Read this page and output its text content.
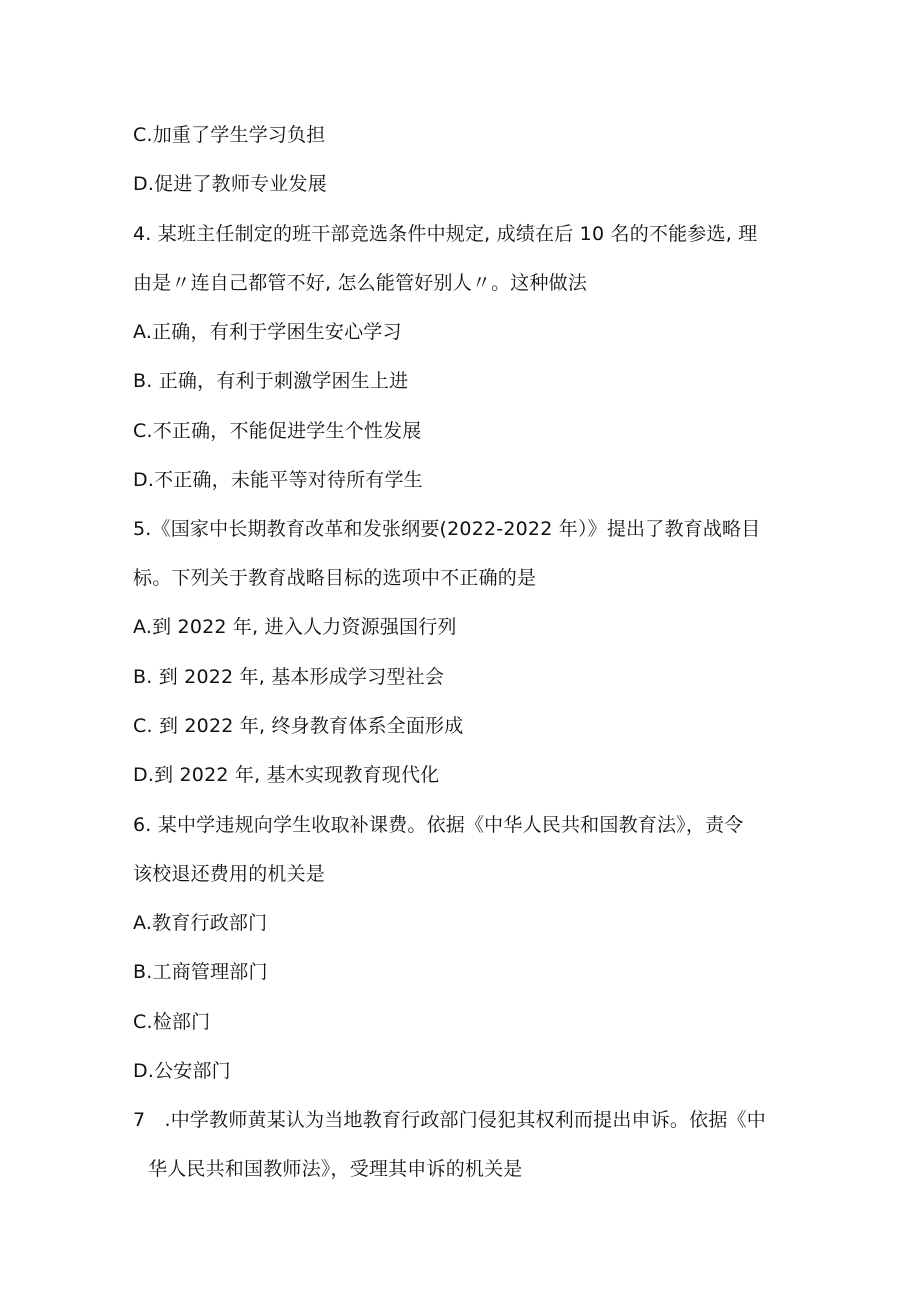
C.加重了学生学习负担
D.促进了教师专业发展
4. 某班主任制定的班干部竞选条件中规定, 成绩在后 10 名的不能参选, 理
由是〃连自己都管不好, 怎么能管好别人〃。这种做法
A.正确，有利于学困生安心学习
B. 正确，有利于刺激学困生上进
C.不正确，不能促进学生个性发展
D.不正确，未能平等对待所有学生
5.《国家中长期教育改革和发张纲要(2022-2022 年）》提出了教育战略目
标。下列关于教育战略目标的选项中不正确的是
A.到 2022 年, 进入人力资源强国行列
B. 到 2022 年, 基本形成学习型社会
C. 到 2022 年, 终身教育体系全面形成
D.到 2022 年, 基木实现教育现代化
6. 某中学违规向学生收取补课费。依据《中华人民共和国教育法》，责令
该校退还费用的机关是
A.教育行政部门
B.工商管理部门
C.检部门
D.公安部门
7　.中学教师黄某认为当地教育行政部门侵犯其权利而提出申诉。依据《中
华人民共和国教师法》，受理其申诉的机关是
